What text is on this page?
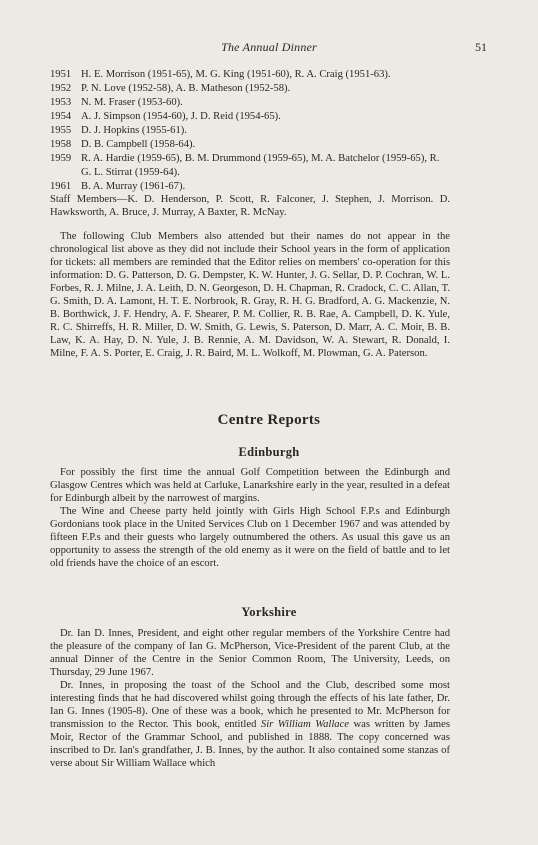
The Annual Dinner	51
1951 H. E. Morrison (1951-65), M. G. King (1951-60), R. A. Craig (1951-63).
1952 P. N. Love (1952-58), A. B. Matheson (1952-58).
1953 N. M. Fraser (1953-60).
1954 A. J. Simpson (1954-60), J. D. Reid (1954-65).
1955 D. J. Hopkins (1955-61).
1958 D. B. Campbell (1958-64).
1959 R. A. Hardie (1959-65), B. M. Drummond (1959-65), M. A. Batchelor (1959-65), R. G. L. Stirrat (1959-64).
1961 B. A. Murray (1961-67).

Staff Members—K. D. Henderson, P. Scott, R. Falconer, J. Stephen, J. Morrison. D. Hawksworth, A. Bruce, J. Murray, A Baxter, R. McNay.

The following Club Members also attended but their names do not appear in the chronological list above as they did not include their School years in the form of application for tickets: all members are reminded that the Editor relies on members' co-operation for this information: D. G. Patterson, D. G. Dempster, K. W. Hunter, J. G. Sellar, D. P. Cochran, W. L. Forbes, R. J. Milne, J. A. Leith, D. N. Georgeson, D. H. Chapman, R. Cradock, C. C. Allan, T. G. Smith, D. A. Lamont, H. T. E. Norbrook, R. Gray, R. H. G. Bradford, A. G. Mackenzie, N. B. Borthwick, J. F. Hendry, A. F. Shearer, P. M. Collier, R. B. Rae, A. Campbell, D. K. Yule, R. C. Shirreffs, H. R. Miller, D. W. Smith, G. Lewis, S. Paterson, D. Marr, A. C. Moir, B. B. Law, K. A. Hay, D. N. Yule, J. B. Rennie, A. M. Davidson, W. A. Stewart, R. Donald, I. Milne, F. A. S. Porter, E. Craig, J. R. Baird, M. L. Wolkoff, M. Plowman, G. A. Paterson.

Centre Reports
Edinburgh

For possibly the first time the annual Golf Competition between the Edinburgh and Glasgow Centres which was held at Carluke, Lanarkshire early in the year, resulted in a defeat for Edinburgh albeit by the narrowest of margins.

The Wine and Cheese party held jointly with Girls High School F.P.s and Edinburgh Gordonians took place in the United Services Club on 1 December 1967 and was attended by fifteen F.P.s and their guests who largely outnumbered the others. As usual this gave us an opportunity to assess the strength of the old enemy as it were on the field of battle and to let old friends have the choice of an escort.

Yorkshire

Dr. Ian D. Innes, President, and eight other regular members of the Yorkshire Centre had the pleasure of the company of Ian G. McPherson, Vice-President of the parent Club, at the annual Dinner of the Centre in the Senior Common Room, The University, Leeds, on Thursday, 29 June 1967.

Dr. Innes, in proposing the toast of the School and the Club, described some most interesting finds that he had discovered whilst going through the effects of his late father, Dr. Ian G. Innes (1905-8). One of these was a book, which he presented to Mr. McPherson for transmission to the Rector. This book, entitled Sir William Wallace was written by James Moir, Rector of the Grammar School, and published in 1888. The copy concerned was inscribed to Dr. Ian's grandfather, J. B. Innes, by the author. It also contained some stanzas of verse about Sir William Wallace which
